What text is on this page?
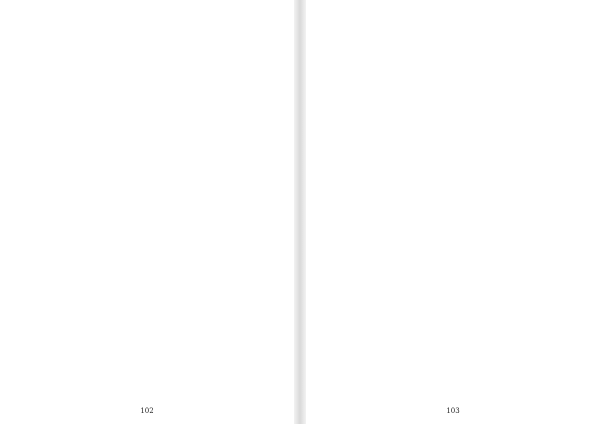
102	103
